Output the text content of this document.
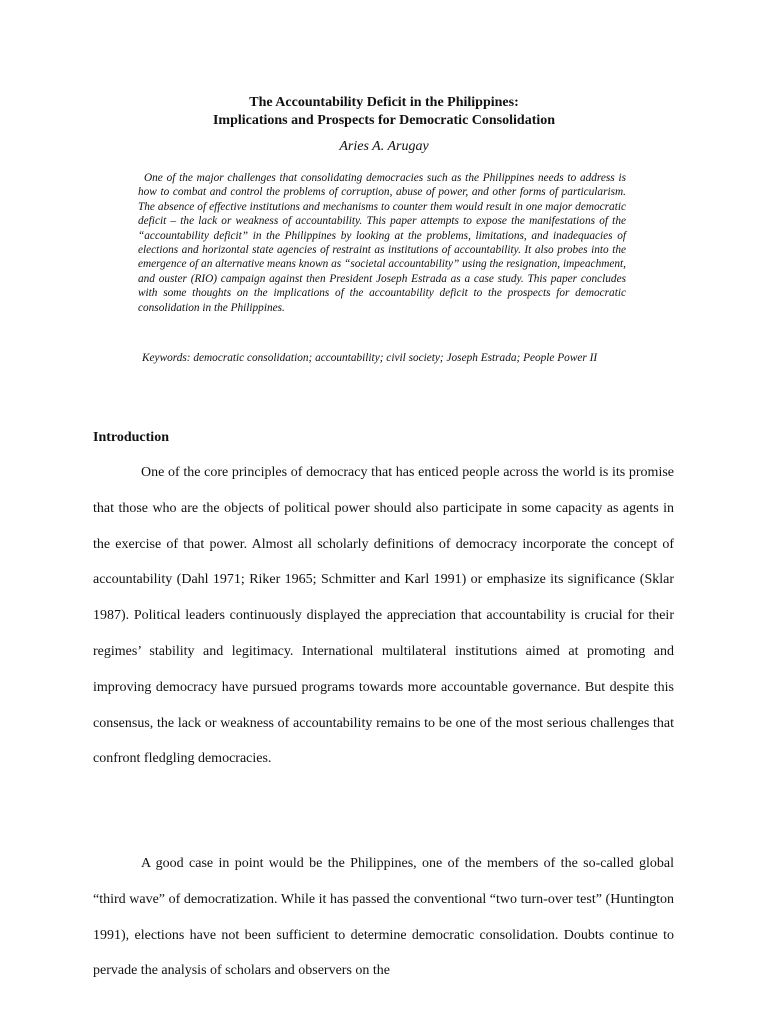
The Accountability Deficit in the Philippines:
Implications and Prospects for Democratic Consolidation
Aries A. Arugay

One of the major challenges that consolidating democracies such as the Philippines needs to address is how to combat and control the problems of corruption, abuse of power, and other forms of particularism. The absence of effective institutions and mechanisms to counter them would result in one major democratic deficit – the lack or weakness of accountability. This paper attempts to expose the manifestations of the “accountability deficit” in the Philippines by looking at the problems, limitations, and inadequacies of elections and horizontal state agencies of restraint as institutions of accountability. It also probes into the emergence of an alternative means known as “societal accountability” using the resignation, impeachment, and ouster (RIO) campaign against then President Joseph Estrada as a case study. This paper concludes with some thoughts on the implications of the accountability deficit to the prospects for democratic consolidation in the Philippines.

Keywords: democratic consolidation; accountability; civil society; Joseph Estrada; People Power II

Introduction

One of the core principles of democracy that has enticed people across the world is its promise that those who are the objects of political power should also participate in some capacity as agents in the exercise of that power. Almost all scholarly definitions of democracy incorporate the concept of accountability (Dahl 1971; Riker 1965; Schmitter and Karl 1991) or emphasize its significance (Sklar 1987). Political leaders continuously displayed the appreciation that accountability is crucial for their regimes’ stability and legitimacy. International multilateral institutions aimed at promoting and improving democracy have pursued programs towards more accountable governance. But despite this consensus, the lack or weakness of accountability remains to be one of the most serious challenges that confront fledgling democracies.

A good case in point would be the Philippines, one of the members of the so-called global “third wave” of democratization. While it has passed the conventional “two turn-over test” (Huntington 1991), elections have not been sufficient to determine democratic consolidation. Doubts continue to pervade the analysis of scholars and observers on the
